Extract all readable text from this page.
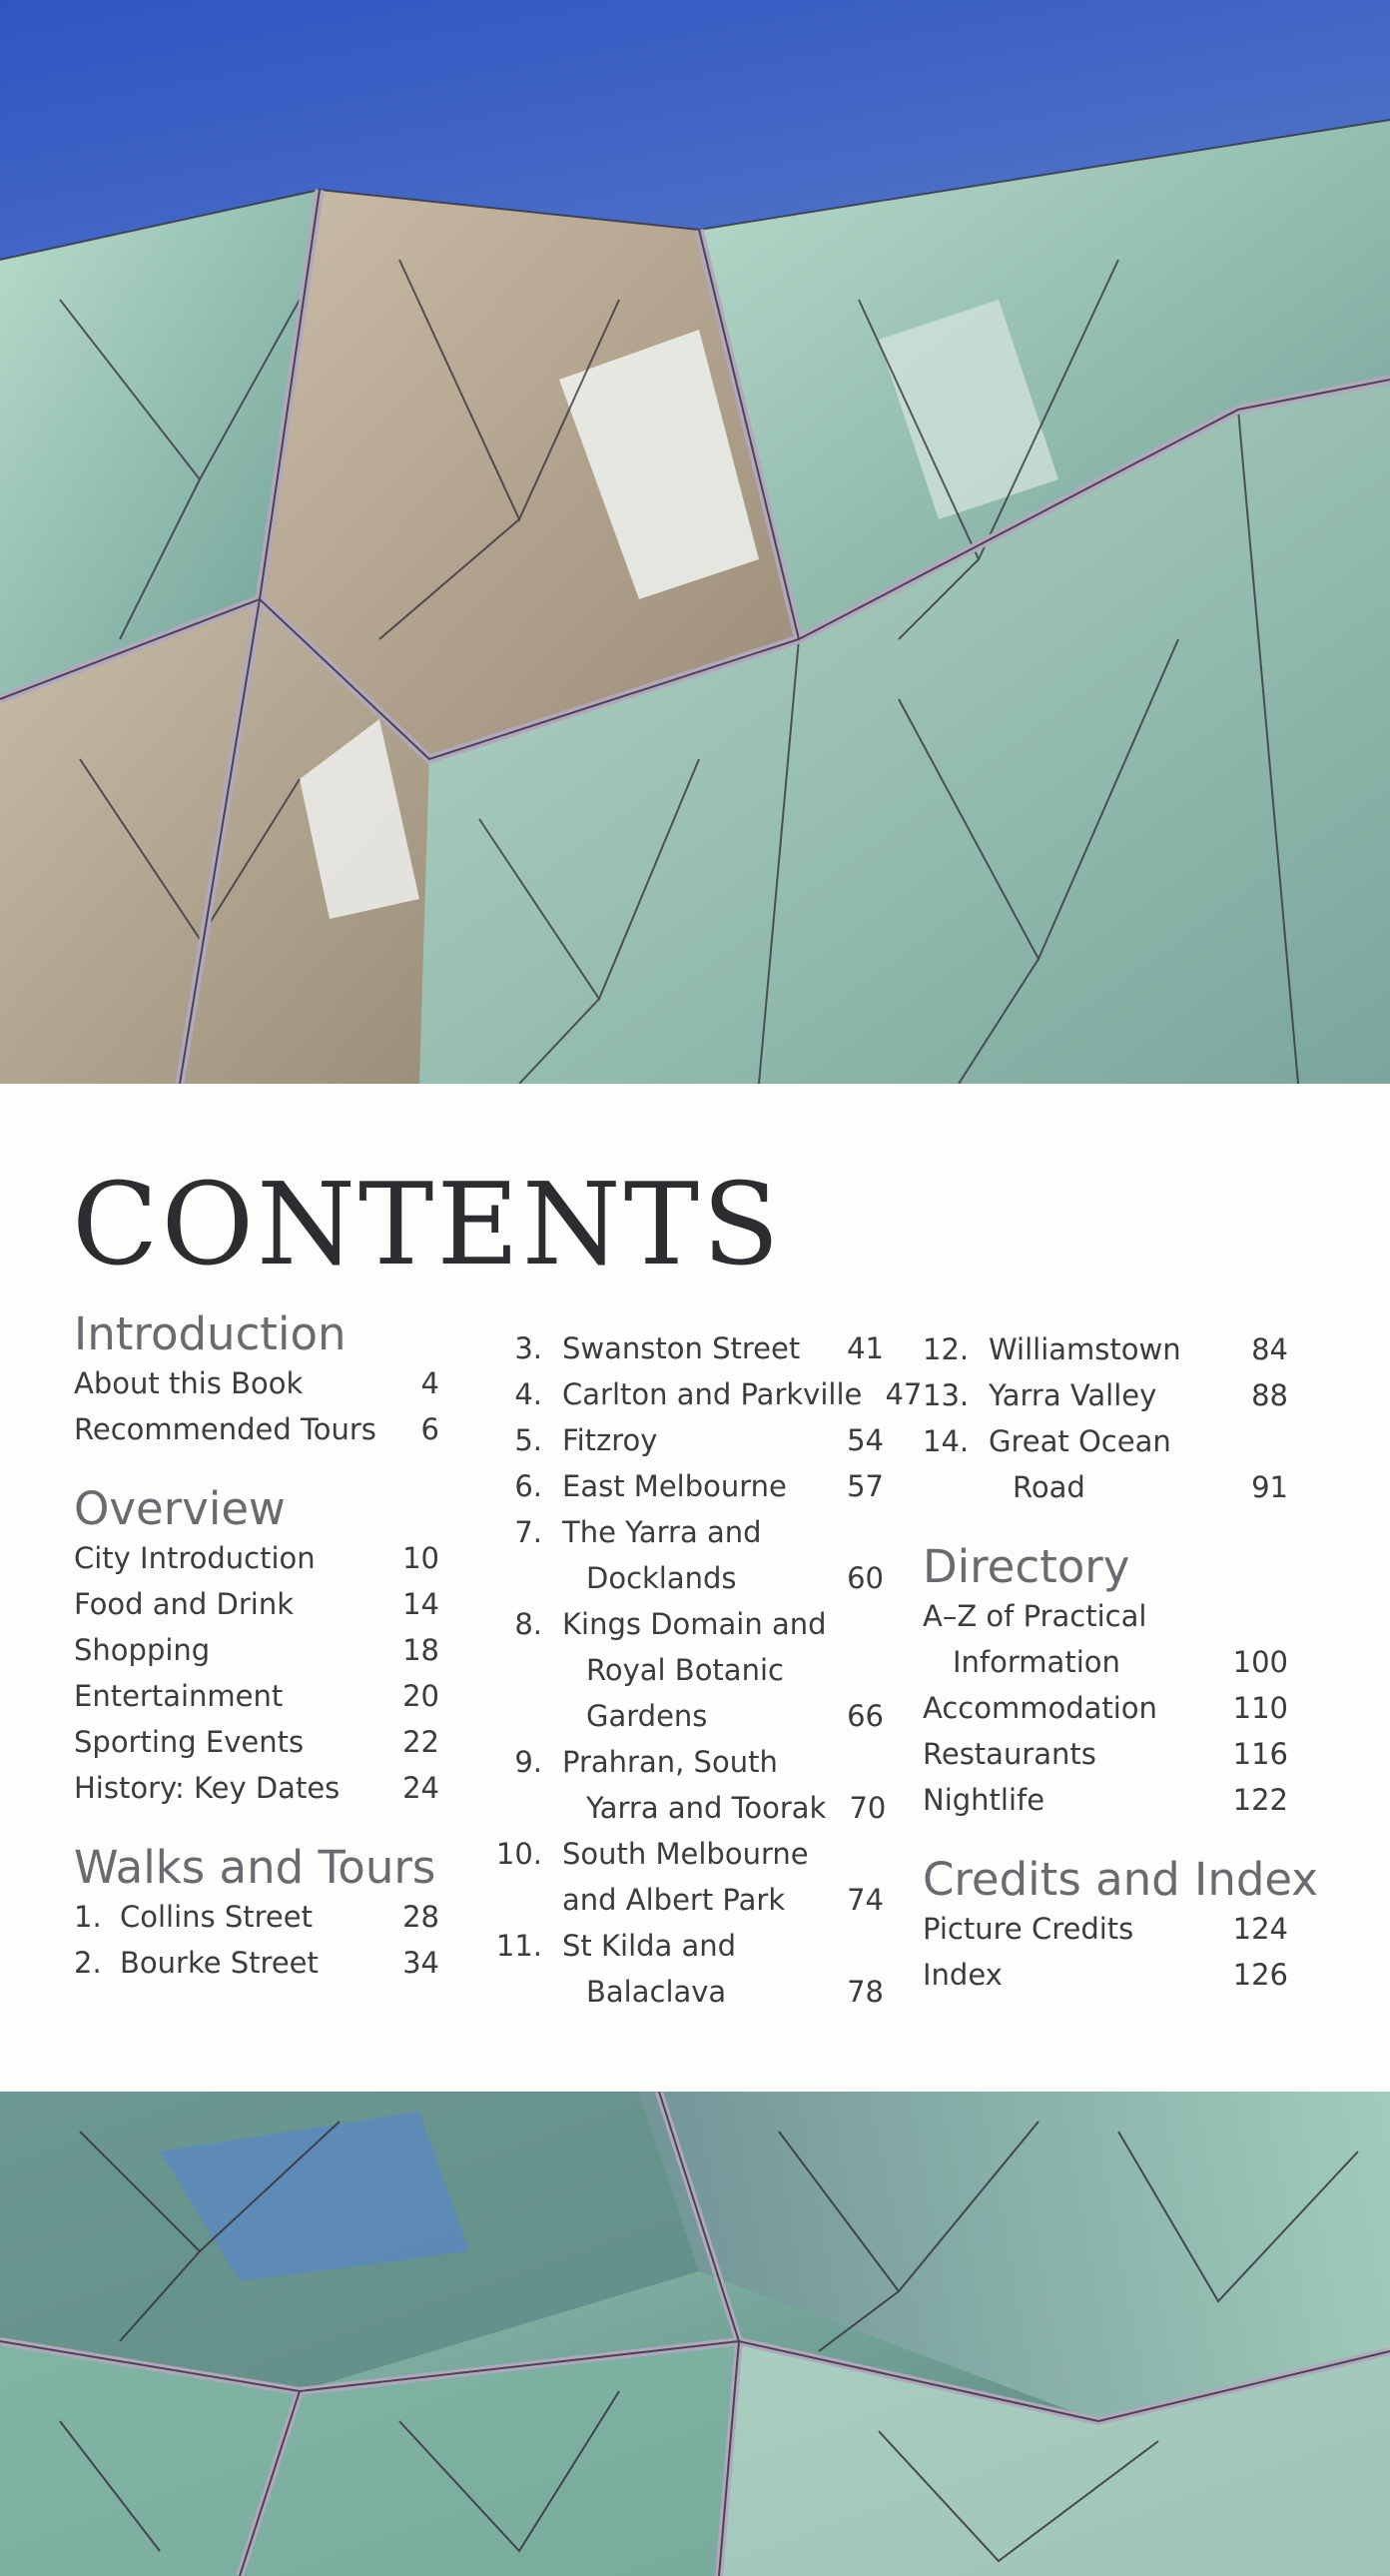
CONTENTS
Introduction
About this Book	4
Recommended Tours	6
Overview
City Introduction	10
Food and Drink	14
Shopping	18
Entertainment	20
Sporting Events	22
History: Key Dates	24
Walks and Tours
1. Collins Street	28
2. Bourke Street	34
3. Swanston Street	41
4. Carlton and Parkville 47
5. Fitzroy	54
6. East Melbourne	57
7. The Yarra and
Docklands	60
8. Kings Domain and
Royal Botanic
Gardens	66
9. Prahran, South
Yarra and Toorak 70
10. South Melbourne
and Albert Park	74
11. St Kilda and
Balaclava	78
12. Williamstown	84
13. Yarra Valley	88
14. Great Ocean
Road	91
Directory
A–Z of Practical
Information	100
Accommodation	110
Restaurants	116
Nightlife	122
Credits and Index
Picture Credits	124
Index	126
